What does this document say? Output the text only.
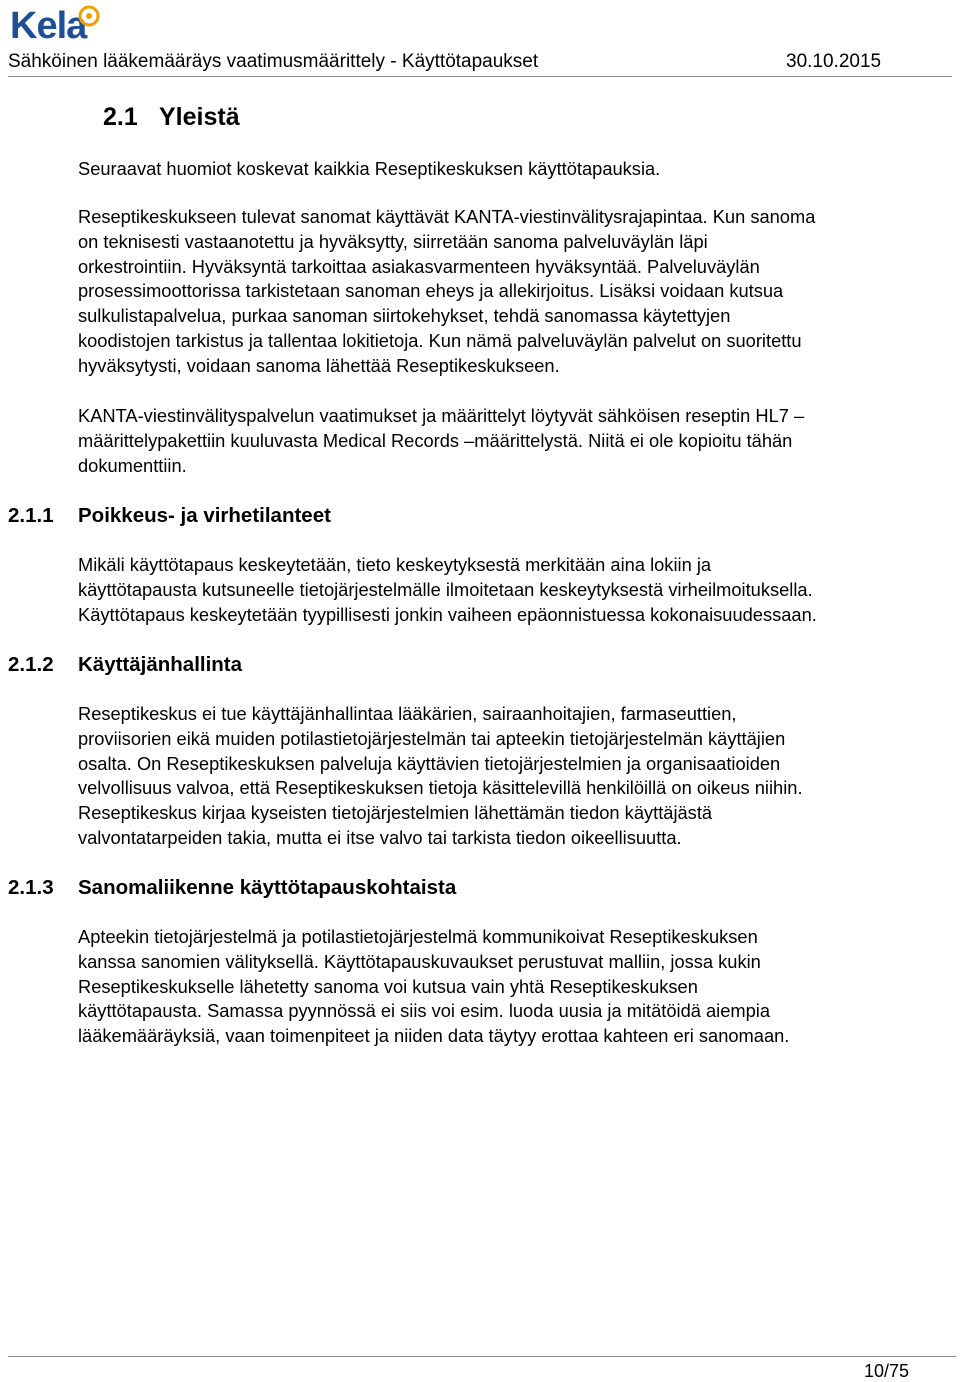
Kela
Sähköinen lääkemääräys vaatimusmäärittely - Käyttötapaukset	30.10.2015
2.1 Yleistä
Seuraavat huomiot koskevat kaikkia Reseptikeskuksen käyttötapauksia.
Reseptikeskukseen tulevat sanomat käyttävät KANTA-viestinvälitysrajapintaa. Kun sanoma
on teknisesti vastaanotettu ja hyväksytty, siirretään sanoma palveluväylän läpi
orkestrointiin. Hyväksyntä tarkoittaa asiakasvarmenteen hyväksyntää. Palveluväylän
prosessimoottorissa tarkistetaan sanoman eheys ja allekirjoitus. Lisäksi voidaan kutsua
sulkulistapalvelua, purkaa sanoman siirtokehykset, tehdä sanomassa käytettyjen
koodistojen tarkistus ja tallentaa lokitietoja. Kun nämä palveluväylän palvelut on suoritettu
hyväksytysti, voidaan sanoma lähettää Reseptikeskukseen.
KANTA-viestinvälityspalvelun vaatimukset ja määrittelyt löytyvät sähköisen reseptin HL7 –
määrittelypakettiin kuuluvasta Medical Records –määrittelystä. Niitä ei ole kopioitu tähän
dokumenttiin.
2.1.1 Poikkeus- ja virhetilanteet
Mikäli käyttötapaus keskeytetään, tieto keskeytyksestä merkitään aina lokiin ja
käyttötapausta kutsuneelle tietojärjestelmälle ilmoitetaan keskeytyksestä virheilmoituksella.
Käyttötapaus keskeytetään tyypillisesti jonkin vaiheen epäonnistuessa kokonaisuudessaan.
2.1.2 Käyttäjänhallinta
Reseptikeskus ei tue käyttäjänhallintaa lääkärien, sairaanhoitajien, farmaseuttien,
proviisorien eikä muiden potilastietojärjestelmän tai apteekin tietojärjestelmän käyttäjien
osalta. On Reseptikeskuksen palveluja käyttävien tietojärjestelmien ja organisaatioiden
velvollisuus valvoa, että Reseptikeskuksen tietoja käsittelevillä henkilöillä on oikeus niihin.
Reseptikeskus kirjaa kyseisten tietojärjestelmien lähettämän tiedon käyttäjästä
valvontatarpeiden takia, mutta ei itse valvo tai tarkista tiedon oikeellisuutta.
2.1.3 Sanomaliikenne käyttötapauskohtaista
Apteekin tietojärjestelmä ja potilastietojärjestelmä kommunikoivat Reseptikeskuksen
kanssa sanomien välityksellä. Käyttötapauskuvaukset perustuvat malliin, jossa kukin
Reseptikeskukselle lähetetty sanoma voi kutsua vain yhtä Reseptikeskuksen
käyttötapausta. Samassa pyynnössä ei siis voi esim. luoda uusia ja mitätöidä aiempia
lääkemääräyksiä, vaan toimenpiteet ja niiden data täytyy erottaa kahteen eri sanomaan.
10/75
